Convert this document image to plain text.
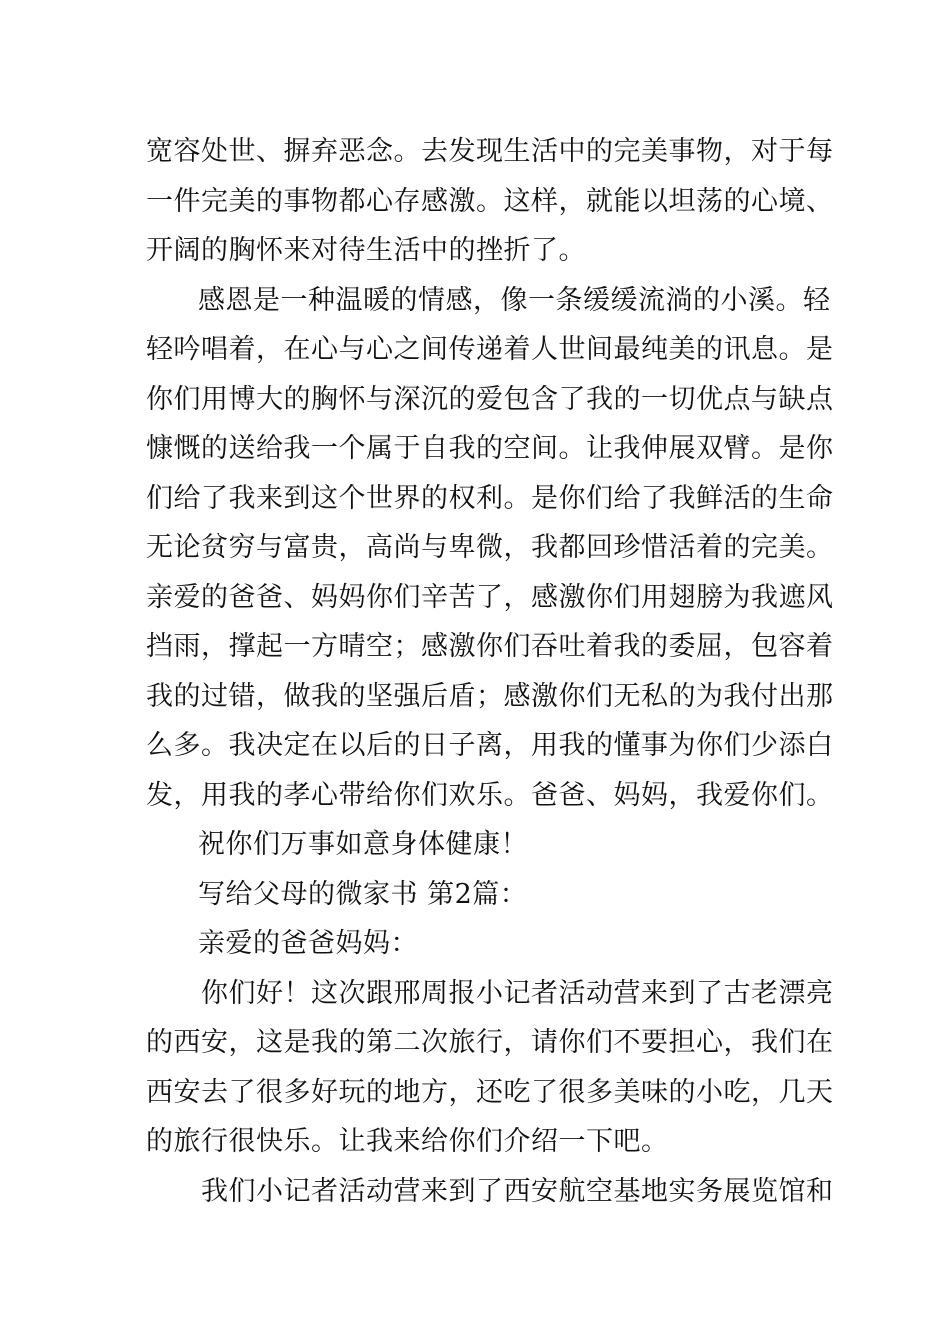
宽容处世、摒弃恶念。去发现生活中的完美事物，对于每

一件完美的事物都心存感激。这样，就能以坦荡的心境、

开阔的胸怀来对待生活中的挫折了。

感恩是一种温暖的情感，像一条缓缓流淌的小溪。轻

轻吟唱着，在心与心之间传递着人世间最纯美的讯息。是

你们用博大的胸怀与深沉的爱包含了我的一切优点与缺点

慷慨的送给我一个属于自我的空间。让我伸展双臂。是你

们给了我来到这个世界的权利。是你们给了我鲜活的生命

无论贫穷与富贵，高尚与卑微，我都回珍惜活着的完美。

亲爱的爸爸、妈妈你们辛苦了，感激你们用翅膀为我遮风

挡雨，撑起一方晴空；感激你们吞吐着我的委屈，包容着

我的过错，做我的坚强后盾；感激你们无私的为我付出那

么多。我决定在以后的日子离，用我的懂事为你们少添白

发，用我的孝心带给你们欢乐。爸爸、妈妈，我爱你们。

祝你们万事如意身体健康！

写给父母的微家书 第2篇：

亲爱的爸爸妈妈：

你们好！这次跟邢周报小记者活动营来到了古老漂亮

的西安，这是我的第二次旅行，请你们不要担心，我们在

西安去了很多好玩的地方，还吃了很多美味的小吃，几天

的旅行很快乐。让我来给你们介绍一下吧。

我们小记者活动营来到了西安航空基地实务展览馆和
